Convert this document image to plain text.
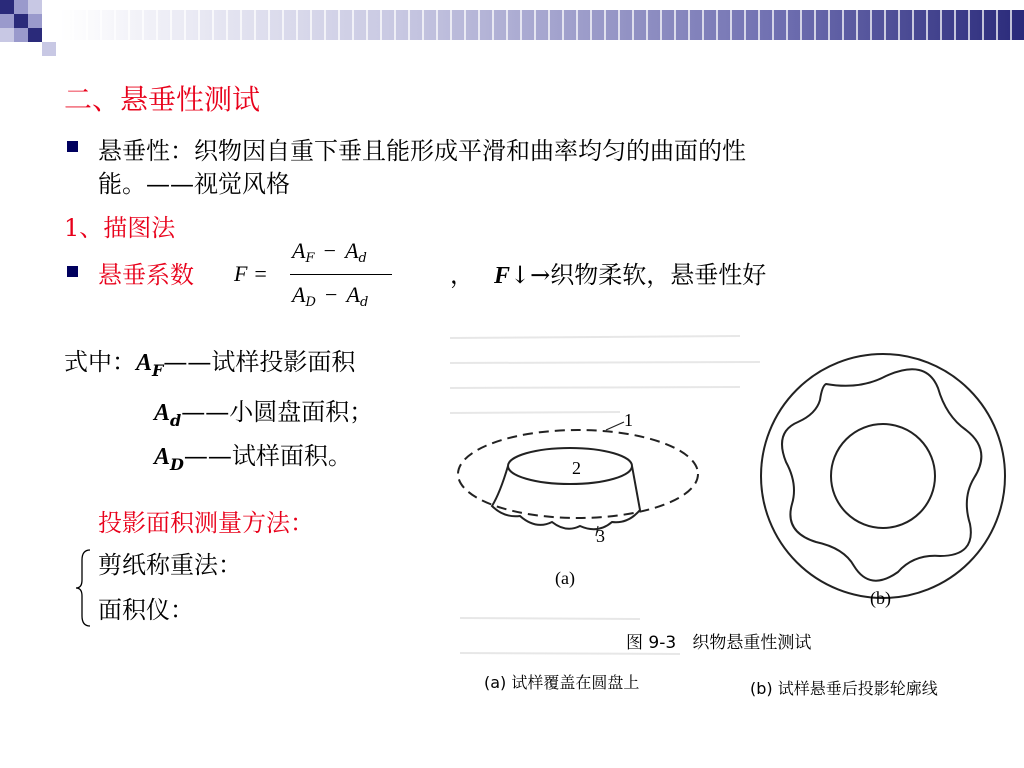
二、悬垂性测试
悬垂性：织物因自重下垂且能形成平滑和曲率均匀的曲面的性
能。——视觉风格
1、描图法
悬垂系数 F =
$A_F - A_d$
$A_D - A_d$
， F↓→织物柔软，悬垂性好
式中：$A_F——$试样投影面积
$A_d——$小圆盘面积；
$A_D——$试样面积。
投影面积测量方法：
剪纸称重法：
面积仪：
1
2
3
(a)
(b)
图 9-3   织物悬重性测试
(a) 试样覆盖在圆盘上	(b) 试样悬垂后投影轮廓线
